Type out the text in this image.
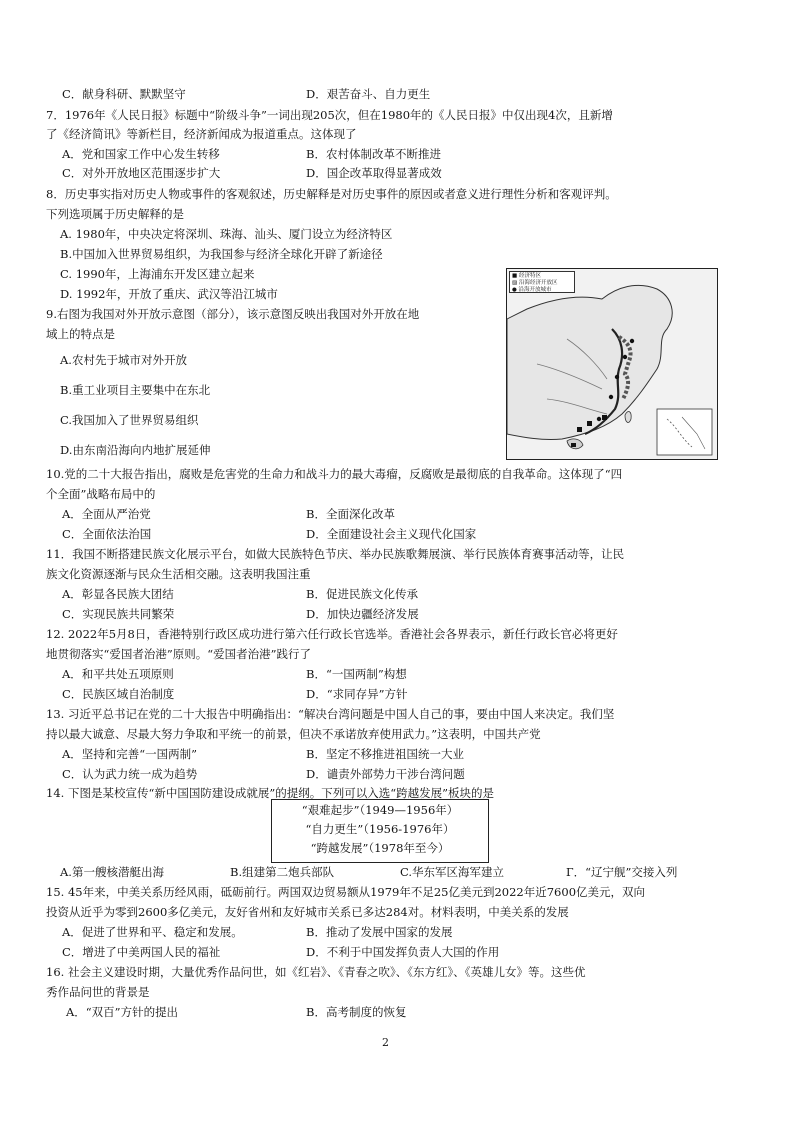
C．献身科研、默默坚守	D．艰苦奋斗、自力更生
7．1976年《人民日报》标题中“阶级斗争”一词出现205次，但在1980年的《人民日报》中仅出现4次，且新增
了《经济简讯》等新栏目，经济新闻成为报道重点。这体现了
A．党和国家工作中心发生转移	B．农村体制改革不断推进
C．对外开放地区范围逐步扩大	D．国企改革取得显著成效
8．历史事实指对历史人物或事件的客观叙述，历史解释是对历史事件的原因或者意义进行理性分析和客观评判。
下列选项属于历史解释的是
A. 1980年，中央决定将深圳、珠海、汕头、厦门设立为经济特区
B.中国加入世界贸易组织，为我国参与经济全球化开辟了新途径
C. 1990年，上海浦东开发区建立起来
D. 1992年，开放了重庆、武汉等沿江城市
9.右图为我国对外开放示意图（部分），该示意图反映出我国对外开放在地
域上的特点是
A.农村先于城市对外开放
B.重工业项目主要集中在东北
C.我国加入了世界贸易组织
D.由东南沿海向内地扩展延伸
■ 经济特区
▨ 沿海经济开放区
● 沿海开放城市
10.党的二十大报告指出，腐败是危害党的生命力和战斗力的最大毒瘤，反腐败是最彻底的自我革命。这体现了“四
个全面”战略布局中的
A．全面从严治党	B．全面深化改革
C．全面依法治国	D．全面建设社会主义现代化国家
11．我国不断搭建民族文化展示平台，如做大民族特色节庆、举办民族歌舞展演、举行民族体育赛事活动等，让民
族文化资源逐渐与民众生活相交融。这表明我国注重
A．彰显各民族大团结	B．促进民族文化传承
C．实现民族共同繁荣	D．加快边疆经济发展
12. 2022年5月8日，香港特别行政区成功进行第六任行政长官选举。香港社会各界表示，新任行政长官必将更好
地贯彻落实“爱国者治港”原则。“爱国者治港”践行了
A．和平共处五项原则	B．“一国两制”构想
C．民族区域自治制度	D．“求同存异”方针
13. 习近平总书记在党的二十大报告中明确指出：“解决台湾问题是中国人自己的事，要由中国人来决定。我们坚
持以最大诚意、尽最大努力争取和平统一的前景，但决不承诺放弃使用武力。”这表明，中国共产党
A．坚持和完善“一国两制”	B．坚定不移推进祖国统一大业
C．认为武力统一成为趋势	D．谴责外部势力干涉台湾问题
14. 下图是某校宣传“新中国国防建设成就展”的提纲。下列可以入选“跨越发展”板块的是
“艰难起步”（1949—1956年）
“自力更生”（1956-1976年）
“跨越发展”（1978年至今）
A.第一艘核潜艇出海	B.组建第二炮兵部队	C.华东军区海军建立	Г．“辽宁舰”交接入列
15. 45年来，中美关系历经风雨，砥砺前行。两国双边贸易额从1979年不足25亿美元到2022年近7600亿美元，双向
投资从近乎为零到2600多亿美元，友好省州和友好城市关系已多达284对。材料表明，中美关系的发展
A．促进了世界和平、稳定和发展。	B．推动了发展中国家的发展
C．增进了中美两国人民的福祉	D．不利于中国发挥负责人大国的作用
16. 社会主义建设时期，大量优秀作品问世，如《红岩》、《青春之吹》、《东方红》、《英雄儿女》等。这些优
秀作品问世的背景是
A．“双百”方针的提出	B．高考制度的恢复
2
